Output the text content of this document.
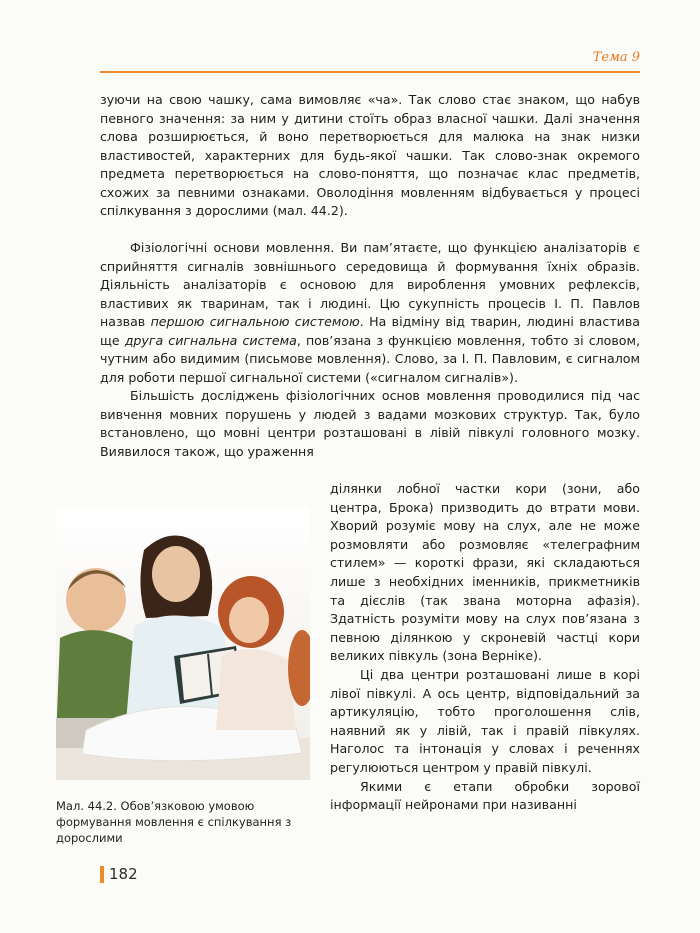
Тема 9

зуючи на свою чашку, сама вимовляє «ча». Так слово стає знаком, що набув певного значення: за ним у дитини стоїть образ власної чашки. Далі значення слова розширюється, й воно перетворюється для малюка на знак низки властивостей, характерних для будь-якої чашки. Так слово-знак окремого предмета перетворюється на слово-поняття, що позначає клас предметів, схожих за певними ознаками. Оволодіння мовленням відбувається у процесі спілкування з дорослими (мал. 44.2).

Фізіологічні основи мовлення. Ви пам’ятаєте, що функцією аналізаторів є сприйняття сигналів зовнішнього середовища й формування їхніх образів. Діяльність аналізаторів є основою для вироблення умовних рефлексів, властивих як тваринам, так і людині. Цю сукупність процесів І. П. Павлов назвав першою сигнальною системою. На відміну від тварин, людині властива ще друга сигнальна система, пов’язана з функцією мовлення, тобто зі словом, чутним або видимим (письмове мовлення). Слово, за І. П. Павловим, є сигналом для роботи першої сигнальної системи («сигналом сигналів»).

Більшість досліджень фізіологічних основ мовлення проводилися під час вивчення мовних порушень у людей з вадами мозкових структур. Так, було встановлено, що мовні центри розташовані в лівій півкулі головного мозку. Виявилося також, що ураження

ділянки лобної частки кори (зони, або центра, Брока) призводить до втрати мови. Хворий розуміє мову на слух, але не може розмовляти або розмовляє «телеграфним стилем» — короткі фрази, які складаються лише з необхідних іменників, прикметників та дієслів (так звана моторна афазія). Здатність розуміти мову на слух пов’язана з певною ділянкою у скроневій частці кори великих півкуль (зона Верніке).

Ці два центри розташовані лише в корі лівої півкулі. А ось центр, відповідальний за артикуляцію, тобто проголошення слів, наявний як у лівій, так і правій півкулях. Наголос та інтонація у словах і реченнях регулюються центром у правій півкулі.

Якими є етапи обробки зорової інформації нейронами при називанні

Мал. 44.2. Обов’язковою умовою формування мовлення є спілкування з дорослими
182
